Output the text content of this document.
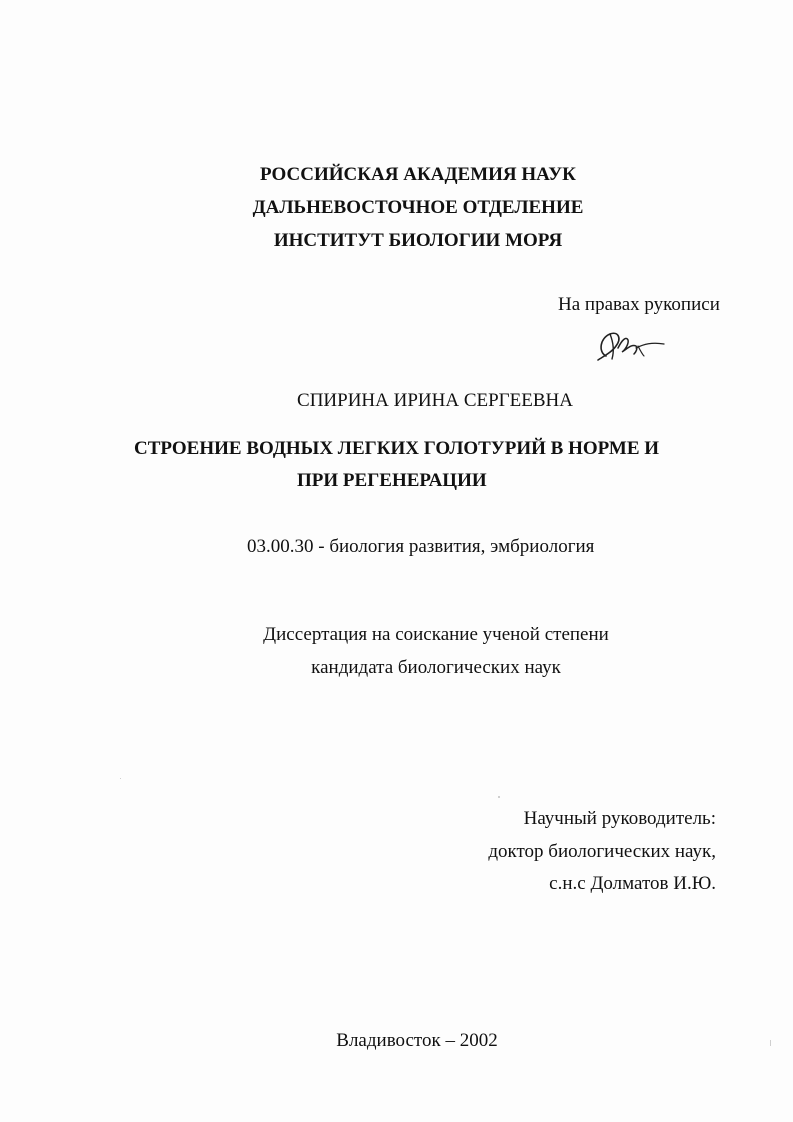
РОССИЙСКАЯ АКАДЕМИЯ НАУК
ДАЛЬНЕВОСТОЧНОЕ ОТДЕЛЕНИЕ
ИНСТИТУТ БИОЛОГИИ МОРЯ
На правах рукописи
СПИРИНА ИРИНА СЕРГЕЕВНА
СТРОЕНИЕ ВОДНЫХ ЛЕГКИХ ГОЛОТУРИЙ В НОРМЕ И
ПРИ РЕГЕНЕРАЦИИ
03.00.30 - биология развития, эмбриология
Диссертация на соискание ученой степени
кандидата биологических наук
Научный руководитель:
доктор биологических наук,
с.н.с Долматов И.Ю.
Владивосток – 2002
